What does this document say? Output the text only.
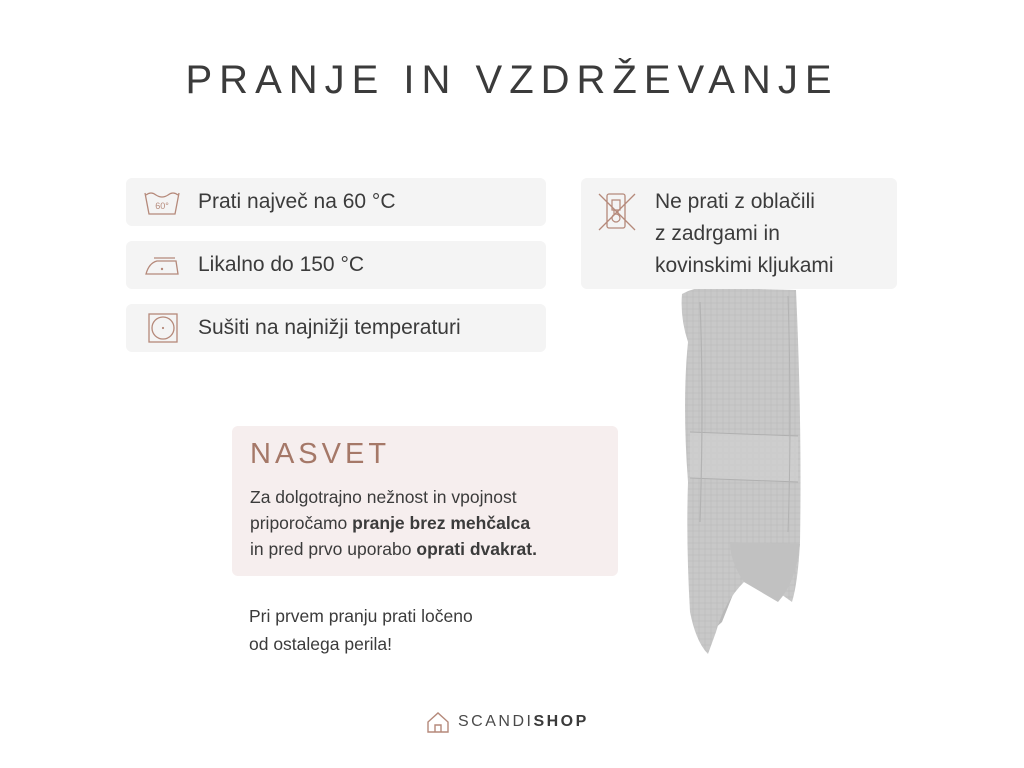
PRANJE IN VZDRŽEVANJE
60° Prati največ na 60 °C
Likalno do 150 °C
Sušiti na najnižji temperaturi
Ne prati z oblačili
z zadrgami in
kovinskimi kljukami
NASVET
Za dolgotrajno nežnost in vpojnost
priporočamo pranje brez mehčalca
in pred prvo uporabo oprati dvakrat.
Pri prvem pranju prati ločeno
od ostalega perila!
SCANDISHOP
